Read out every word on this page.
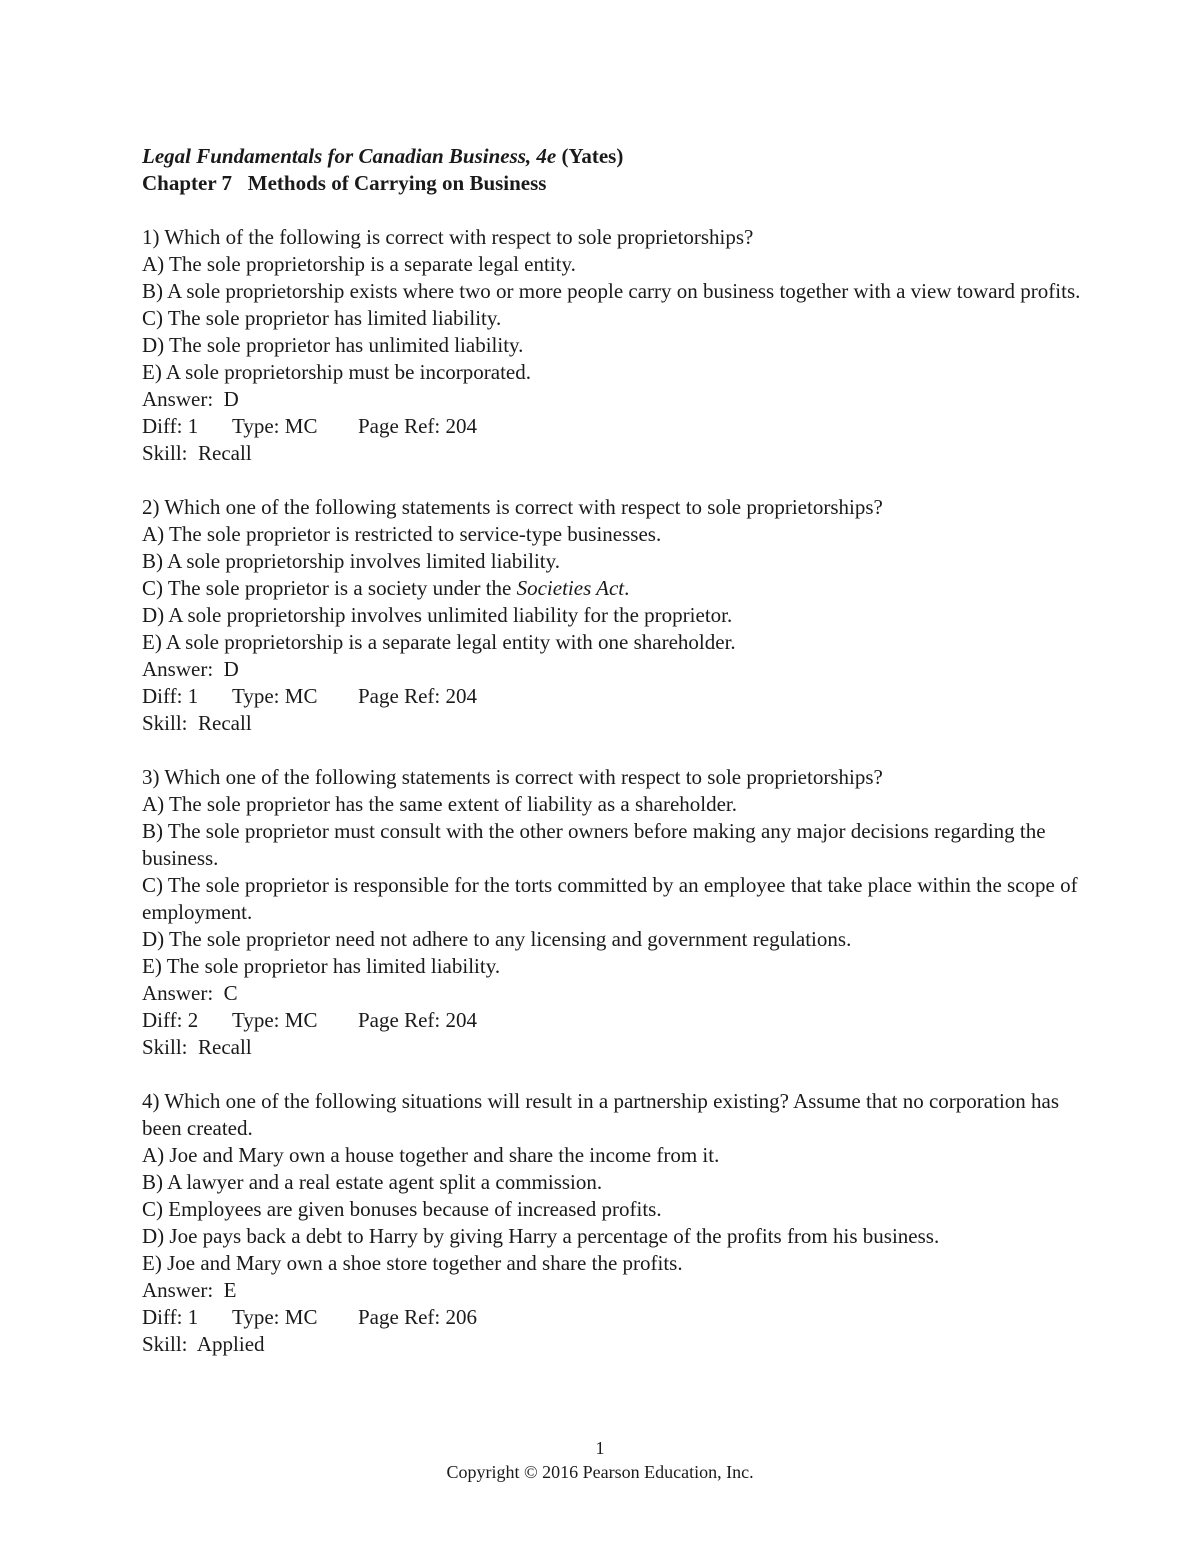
Legal Fundamentals for Canadian Business, 4e (Yates)
Chapter 7   Methods of Carrying on Business
1) Which of the following is correct with respect to sole proprietorships?
A) The sole proprietorship is a separate legal entity.
B) A sole proprietorship exists where two or more people carry on business together with a view toward profits.
C) The sole proprietor has limited liability.
D) The sole proprietor has unlimited liability.
E) A sole proprietorship must be incorporated.
Answer:  D
Diff: 1 Type: MC Page Ref: 204
Skill:  Recall
2) Which one of the following statements is correct with respect to sole proprietorships?
A) The sole proprietor is restricted to service-type businesses.
B) A sole proprietorship involves limited liability.
C) The sole proprietor is a society under the Societies Act.
D) A sole proprietorship involves unlimited liability for the proprietor.
E) A sole proprietorship is a separate legal entity with one shareholder.
Answer:  D
Diff: 1 Type: MC Page Ref: 204
Skill:  Recall
3) Which one of the following statements is correct with respect to sole proprietorships?
A) The sole proprietor has the same extent of liability as a shareholder.
B) The sole proprietor must consult with the other owners before making any major decisions regarding the business.
C) The sole proprietor is responsible for the torts committed by an employee that take place within the scope of employment.
D) The sole proprietor need not adhere to any licensing and government regulations.
E) The sole proprietor has limited liability.
Answer:  C
Diff: 2 Type: MC Page Ref: 204
Skill:  Recall
4) Which one of the following situations will result in a partnership existing? Assume that no corporation has been created.
A) Joe and Mary own a house together and share the income from it.
B) A lawyer and a real estate agent split a commission.
C) Employees are given bonuses because of increased profits.
D) Joe pays back a debt to Harry by giving Harry a percentage of the profits from his business.
E) Joe and Mary own a shoe store together and share the profits.
Answer:  E
Diff: 1 Type: MC Page Ref: 206
Skill:  Applied
1
Copyright © 2016 Pearson Education, Inc.
